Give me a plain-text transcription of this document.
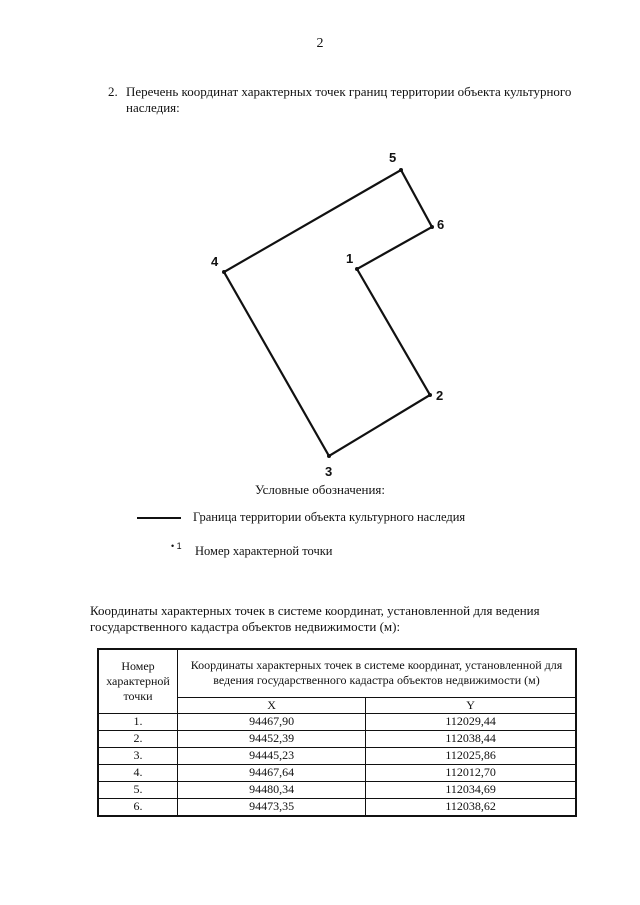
2
2. Перечень координат характерных точек границ территории объекта культурного наследия:
1
2
3
4
5
6
Условные обозначения:
Граница территории объекта культурного наследия
• 1 Номер характерной точки
Координаты характерных точек в системе координат, установленной для ведения государственного кадастра объектов недвижимости (м):
Номер характерной точки	Координаты характерных точек в системе координат, установленной для ведения государственного кадастра объектов недвижимости (м)	
	X	Y
1.	94467,90	112029,44
2.	94452,39	112038,44
3.	94445,23	112025,86
4.	94467,64	112012,70
5.	94480,34	112034,69
6.	94473,35	112038,62
